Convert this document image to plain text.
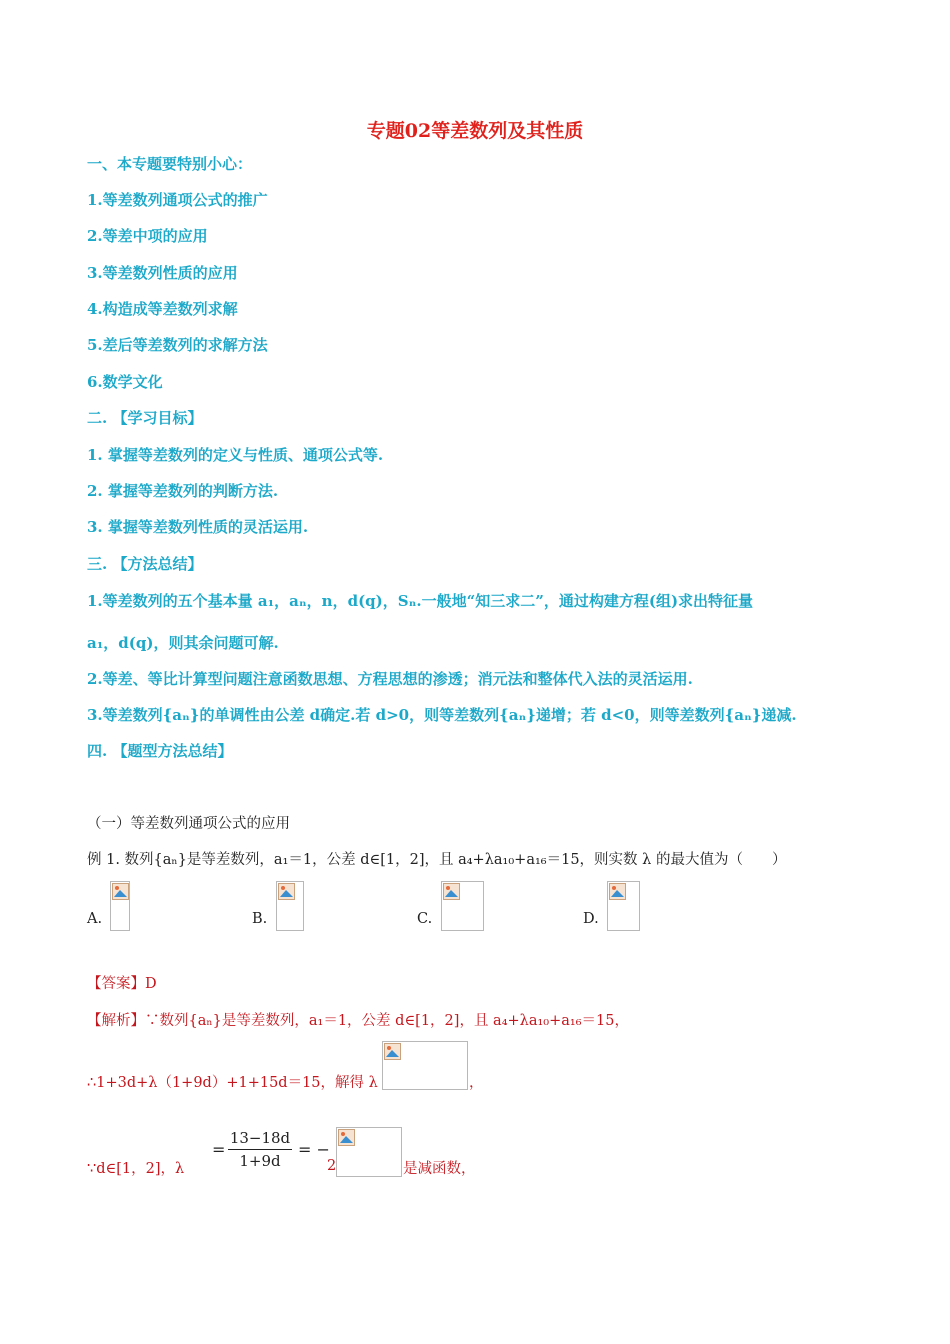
专题02等差数列及其性质
一、本专题要特别小心：
1.等差数列通项公式的推广
2.等差中项的应用
3.等差数列性质的应用
4.构造成等差数列求解
5.差后等差数列的求解方法
6.数学文化
二. 【学习目标】
1. 掌握等差数列的定义与性质、通项公式等.
2. 掌握等差数列的判断方法.
3. 掌握等差数列性质的灵活运用.
三. 【方法总结】
1.等差数列的五个基本量 a₁，aₙ，n，d(q)，Sₙ.一般地“知三求二”，通过构建方程(组)求出特征量
a₁，d(q)，则其余问题可解.
2.等差、等比计算型问题注意函数思想、方程思想的渗透；消元法和整体代入法的灵活运用.
3.等差数列{aₙ}的单调性由公差 d确定.若 d>0，则等差数列{aₙ}递增；若 d<0，则等差数列{aₙ}递减.
四. 【题型方法总结】
（一）等差数列通项公式的应用
例 1. 数列{aₙ}是等差数列，a₁＝1，公差 d∈[1，2]，且 a₄+λa₁₀+a₁₆＝15，则实数 λ 的最大值为（　　）
A.	B.	C.	D.
【答案】D
【解析】∵数列{aₙ}是等差数列，a₁＝1，公差 d∈[1，2]，且 a₄+λa₁₀+a₁₆＝15，
∴1+3d+λ（1+9d）+1+15d＝15，解得 λ	，
∵d∈[1，2]，λ
=
13−18d
1+9d
= −
2	是减函数，
